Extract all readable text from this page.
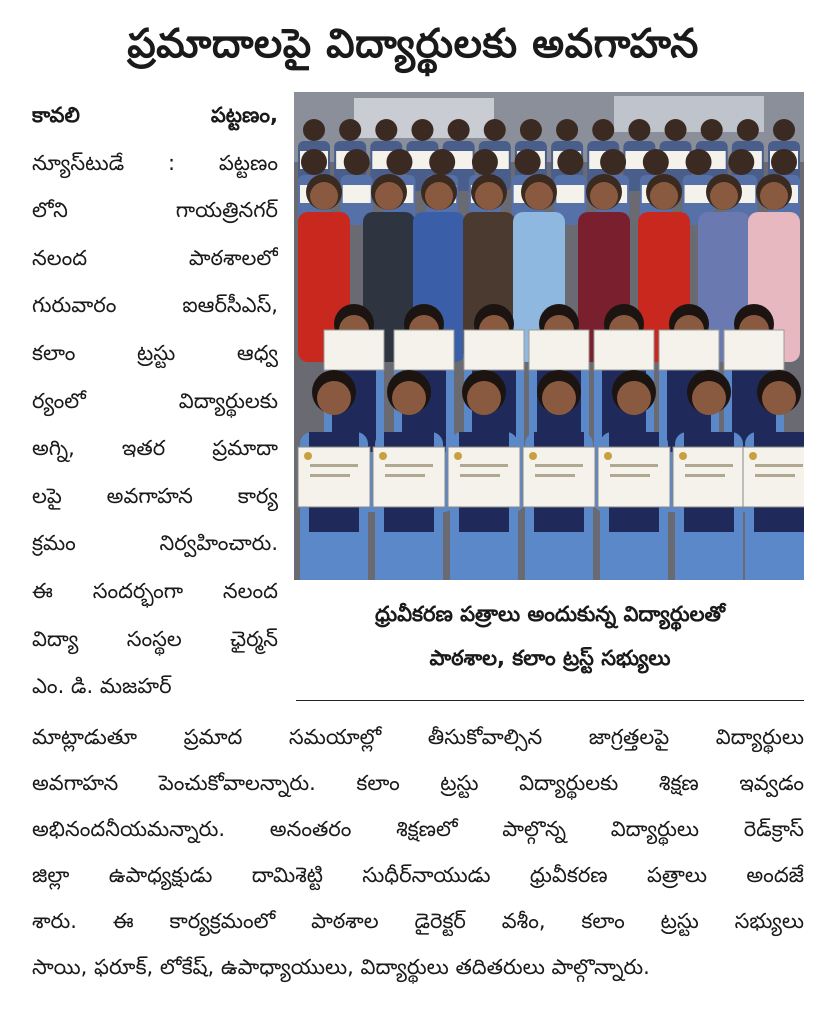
ప్రమాదాలపై విద్యార్థులకు అవగాహన
కావలి	పట్టణం,
న్యూస్‌టుడే : పట్టణం
లోని గాయత్రినగర్
నలంద పాఠశాలలో
గురువారం ఐఆర్‌సీఎస్‌,
కలాం ట్రస్టు ఆధ్వ
ర్యంలో విద్యార్థులకు
అగ్ని, ఇతర ప్రమాదా
లపై అవగాహన కార్య
క్రమం నిర్వహించారు.
ఈ సందర్భంగా నలంద
విద్యా సంస్థల ఛైర్మన్‌
ఎం. డి. మజహర్‌
ధ్రువీకరణ పత్రాలు అందుకున్న విద్యార్థులతో
పాఠశాల, కలాం ట్రస్ట్‌ సభ్యులు
మాట్లాడుతూ ప్రమాద సమయాల్లో తీసుకోవాల్సిన జాగ్రత్తలపై విద్యార్థులు
అవగాహన పెంచుకోవాలన్నారు. కలాం ట్రస్టు విద్యార్థులకు శిక్షణ ఇవ్వడం
అభినందనీయమన్నారు. అనంతరం శిక్షణలో పాల్గొన్న విద్యార్థులు రెడ్‌క్రాస్‌
జిల్లా ఉపాధ్యక్షుడు దామిశెట్టి సుధీర్‌నాయుడు ధ్రువీకరణ పత్రాలు అందజే
శారు. ఈ కార్యక్రమంలో పాఠశాల డైరెక్టర్‌ వశీం, కలాం ట్రస్టు సభ్యులు
సాయి, ఫరూక్‌, లోకేష్‌, ఉపాధ్యాయులు, విద్యార్థులు తదితరులు పాల్గొన్నారు.
